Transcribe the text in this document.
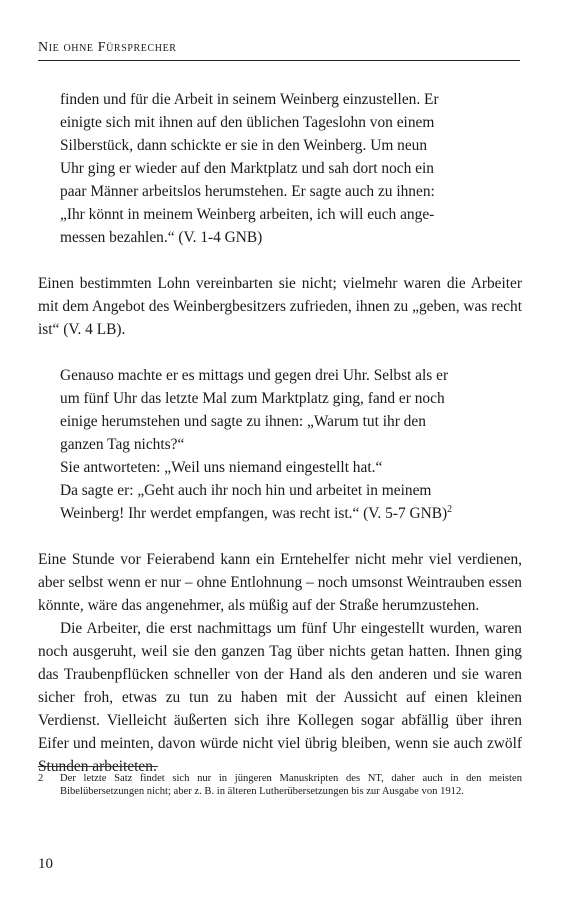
Nie ohne Fürsprecher
finden und für die Arbeit in seinem Weinberg einzustellen. Er
einigte sich mit ihnen auf den üblichen Tageslohn von einem
Silberstück, dann schickte er sie in den Weinberg. Um neun
Uhr ging er wieder auf den Marktplatz und sah dort noch ein
paar Männer arbeitslos herumstehen. Er sagte auch zu ihnen:
„Ihr könnt in meinem Weinberg arbeiten, ich will euch ange-
messen bezahlen.“ (V. 1-4 GNB)

Einen bestimmten Lohn vereinbarten sie nicht; vielmehr waren die Arbeiter mit dem Angebot des Weinbergbesitzers zufrieden, ihnen zu „geben, was recht ist“ (V. 4 LB).

Genauso machte er es mittags und gegen drei Uhr. Selbst als er
um fünf Uhr das letzte Mal zum Marktplatz ging, fand er noch
einige herumstehen und sagte zu ihnen: „Warum tut ihr den
ganzen Tag nichts?“
Sie antworteten: „Weil uns niemand eingestellt hat.“
Da sagte er: „Geht auch ihr noch hin und arbeitet in meinem
Weinberg! Ihr werdet empfangen, was recht ist.“ (V. 5-7 GNB)$^2$

Eine Stunde vor Feierabend kann ein Erntehelfer nicht mehr viel verdienen, aber selbst wenn er nur – ohne Entlohnung – noch umsonst Weintrauben essen könnte, wäre das angenehmer, als müßig auf der Straße herumzustehen.

Die Arbeiter, die erst nachmittags um fünf Uhr eingestellt wurden, waren noch ausgeruht, weil sie den ganzen Tag über nichts getan hatten. Ihnen ging das Traubenpflücken schneller von der Hand als den anderen und sie waren sicher froh, etwas zu tun zu haben mit der Aussicht auf einen kleinen Verdienst. Vielleicht äußerten sich ihre Kollegen sogar abfällig über ihren Eifer und meinten, davon würde nicht viel übrig bleiben, wenn sie auch zwölf Stunden arbeiteten.

2	Der letzte Satz findet sich nur in jüngeren Manuskripten des NT, daher auch in den meisten Bibelübersetzungen nicht; aber z. B. in älteren Lutherübersetzungen bis zur Ausgabe von 1912.
10
